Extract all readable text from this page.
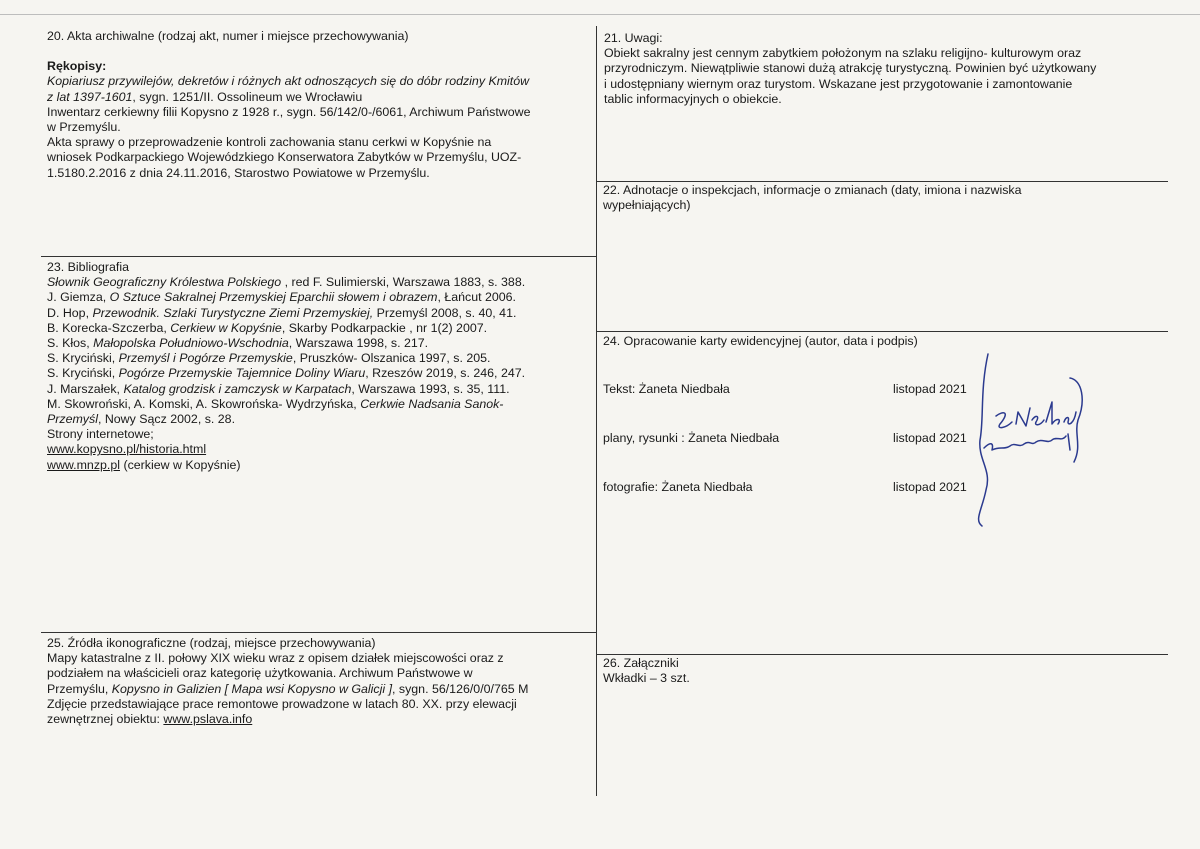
20. Akta archiwalne (rodzaj akt, numer i miejsce przechowywania)

Rękopisy:

Kopiariusz przywilejów, dekretów i różnych akt odnoszących się do dóbr rodziny Kmitów

z lat 1397-1601, sygn. 1251/II. Ossolineum we Wrocławiu

Inwentarz cerkiewny filii Kopysno z 1928 r., sygn. 56/142/0-/6061, Archiwum Państwowe

w Przemyślu.

Akta sprawy o przeprowadzenie kontroli zachowania stanu cerkwi w Kopyśnie na

wniosek Podkarpackiego Wojewódzkiego Konserwatora Zabytków w Przemyślu, UOZ-

1.5180.2.2016 z dnia 24.11.2016, Starostwo Powiatowe w Przemyślu.

21. Uwagi:

Obiekt sakralny jest cennym zabytkiem położonym na szlaku religijno- kulturowym oraz

przyrodniczym. Niewątpliwie stanowi dużą atrakcję turystyczną. Powinien być użytkowany

i udostępniany wiernym oraz turystom. Wskazane jest przygotowanie i zamontowanie

tablic informacyjnych o obiekcie.

22. Adnotacje o inspekcjach, informacje o zmianach (daty, imiona i nazwiska

wypełniających)

23. Bibliografia

Słownik Geograficzny Królestwa Polskiego , red F. Sulimierski, Warszawa 1883, s. 388.

J. Giemza, O Sztuce Sakralnej Przemyskiej Eparchii słowem i obrazem, Łańcut 2006.

D. Hop, Przewodnik. Szlaki Turystyczne Ziemi Przemyskiej, Przemyśl 2008, s. 40, 41.

B. Korecka-Szczerba, Cerkiew w Kopyśnie, Skarby Podkarpackie , nr 1(2) 2007.

S. Kłos, Małopolska Południowo-Wschodnia, Warszawa 1998, s. 217.

S. Kryciński, Przemyśl i Pogórze Przemyskie, Pruszków- Olszanica 1997, s. 205.

S. Kryciński, Pogórze Przemyskie Tajemnice Doliny Wiaru, Rzeszów 2019, s. 246, 247.

J. Marszałek, Katalog grodzisk i zamczysk w Karpatach, Warszawa 1993, s. 35, 111.

M. Skowroński, A. Komski, A. Skowrońska- Wydrzyńska, Cerkwie Nadsania Sanok-

Przemyśl, Nowy Sącz 2002, s. 28.

Strony internetowe;

www.kopysno.pl/historia.html

www.mnzp.pl (cerkiew w Kopyśnie)

24. Opracowanie karty ewidencyjnej (autor, data i podpis)

Tekst: Żaneta Niedbała	listopad 2021
plany, rysunki : Żaneta Niedbała	listopad 2021
fotografie: Żaneta Niedbała	listopad 2021

25. Źródła ikonograficzne (rodzaj, miejsce przechowywania)

Mapy katastralne z II. połowy XIX wieku wraz z opisem działek miejscowości oraz z

podziałem na właścicieli oraz kategorię użytkowania. Archiwum Państwowe w

Przemyślu, Kopysno in Galizien [ Mapa wsi Kopysno w Galicji ], sygn. 56/126/0/0/765 M

Zdjęcie przedstawiające prace remontowe prowadzone w latach 80. XX. przy elewacji

zewnętrznej obiektu: www.pslava.info

26. Załączniki

Wkładki – 3 szt.
